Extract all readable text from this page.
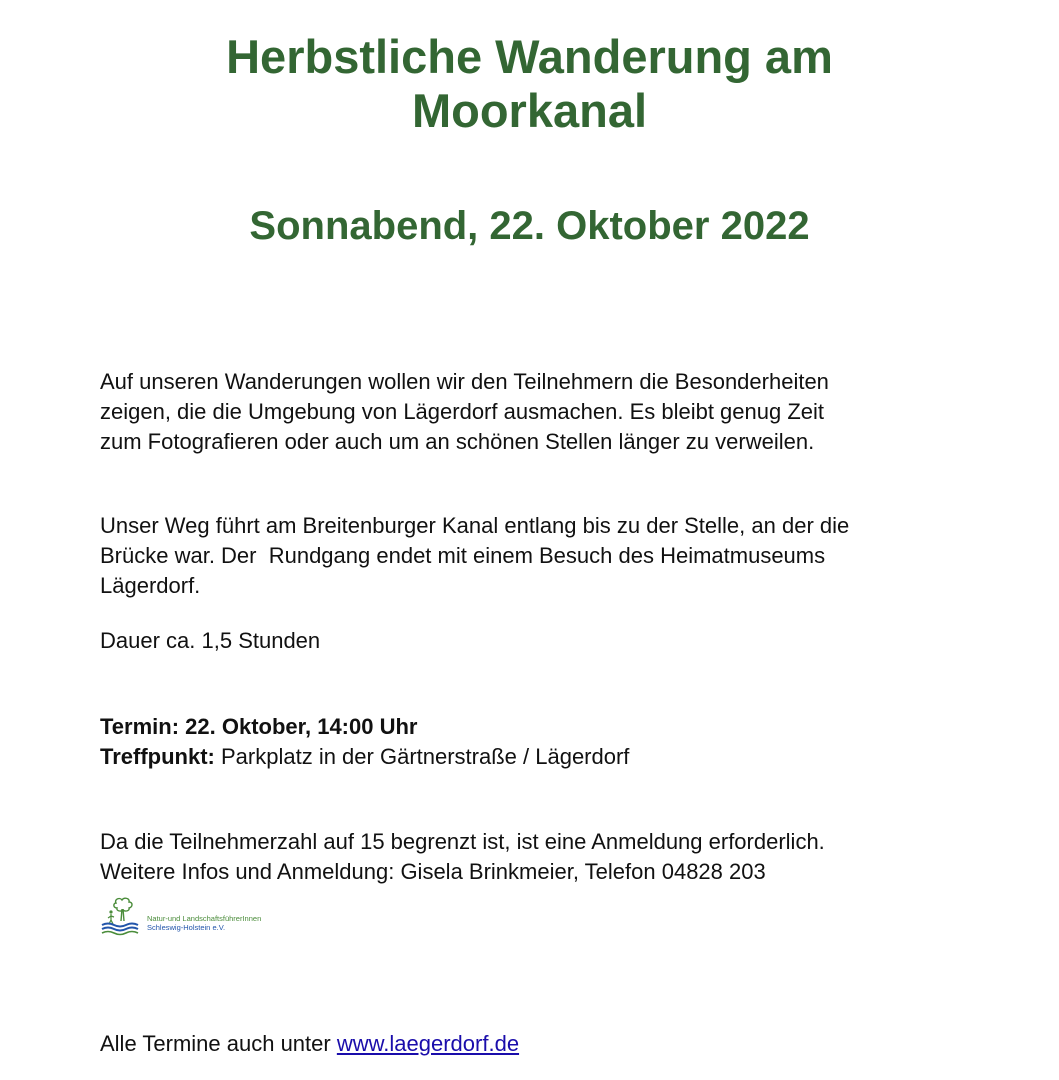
Herbstliche Wanderung am
Moorkanal
Sonnabend, 22. Oktober 2022

Auf unseren Wanderungen wollen wir den Teilnehmern die Besonderheiten
zeigen, die die Umgebung von Lägerdorf ausmachen. Es bleibt genug Zeit
zum Fotografieren oder auch um an schönen Stellen länger zu verweilen.

Unser Weg führt am Breitenburger Kanal entlang bis zu der Stelle, an der die
Brücke war. Der  Rundgang endet mit einem Besuch des Heimatmuseums
Lägerdorf.

Dauer ca. 1,5 Stunden

Termin: 22. Oktober, 14:00 Uhr
Treffpunkt: Parkplatz in der Gärtnerstraße / Lägerdorf

Da die Teilnehmerzahl auf 15 begrenzt ist, ist eine Anmeldung erforderlich.
Weitere Infos und Anmeldung: Gisela Brinkmeier, Telefon 04828 203

Natur-und LandschaftsführerInnen

Schleswig-Holstein e.V.

Alle Termine auch unter www.laegerdorf.de
